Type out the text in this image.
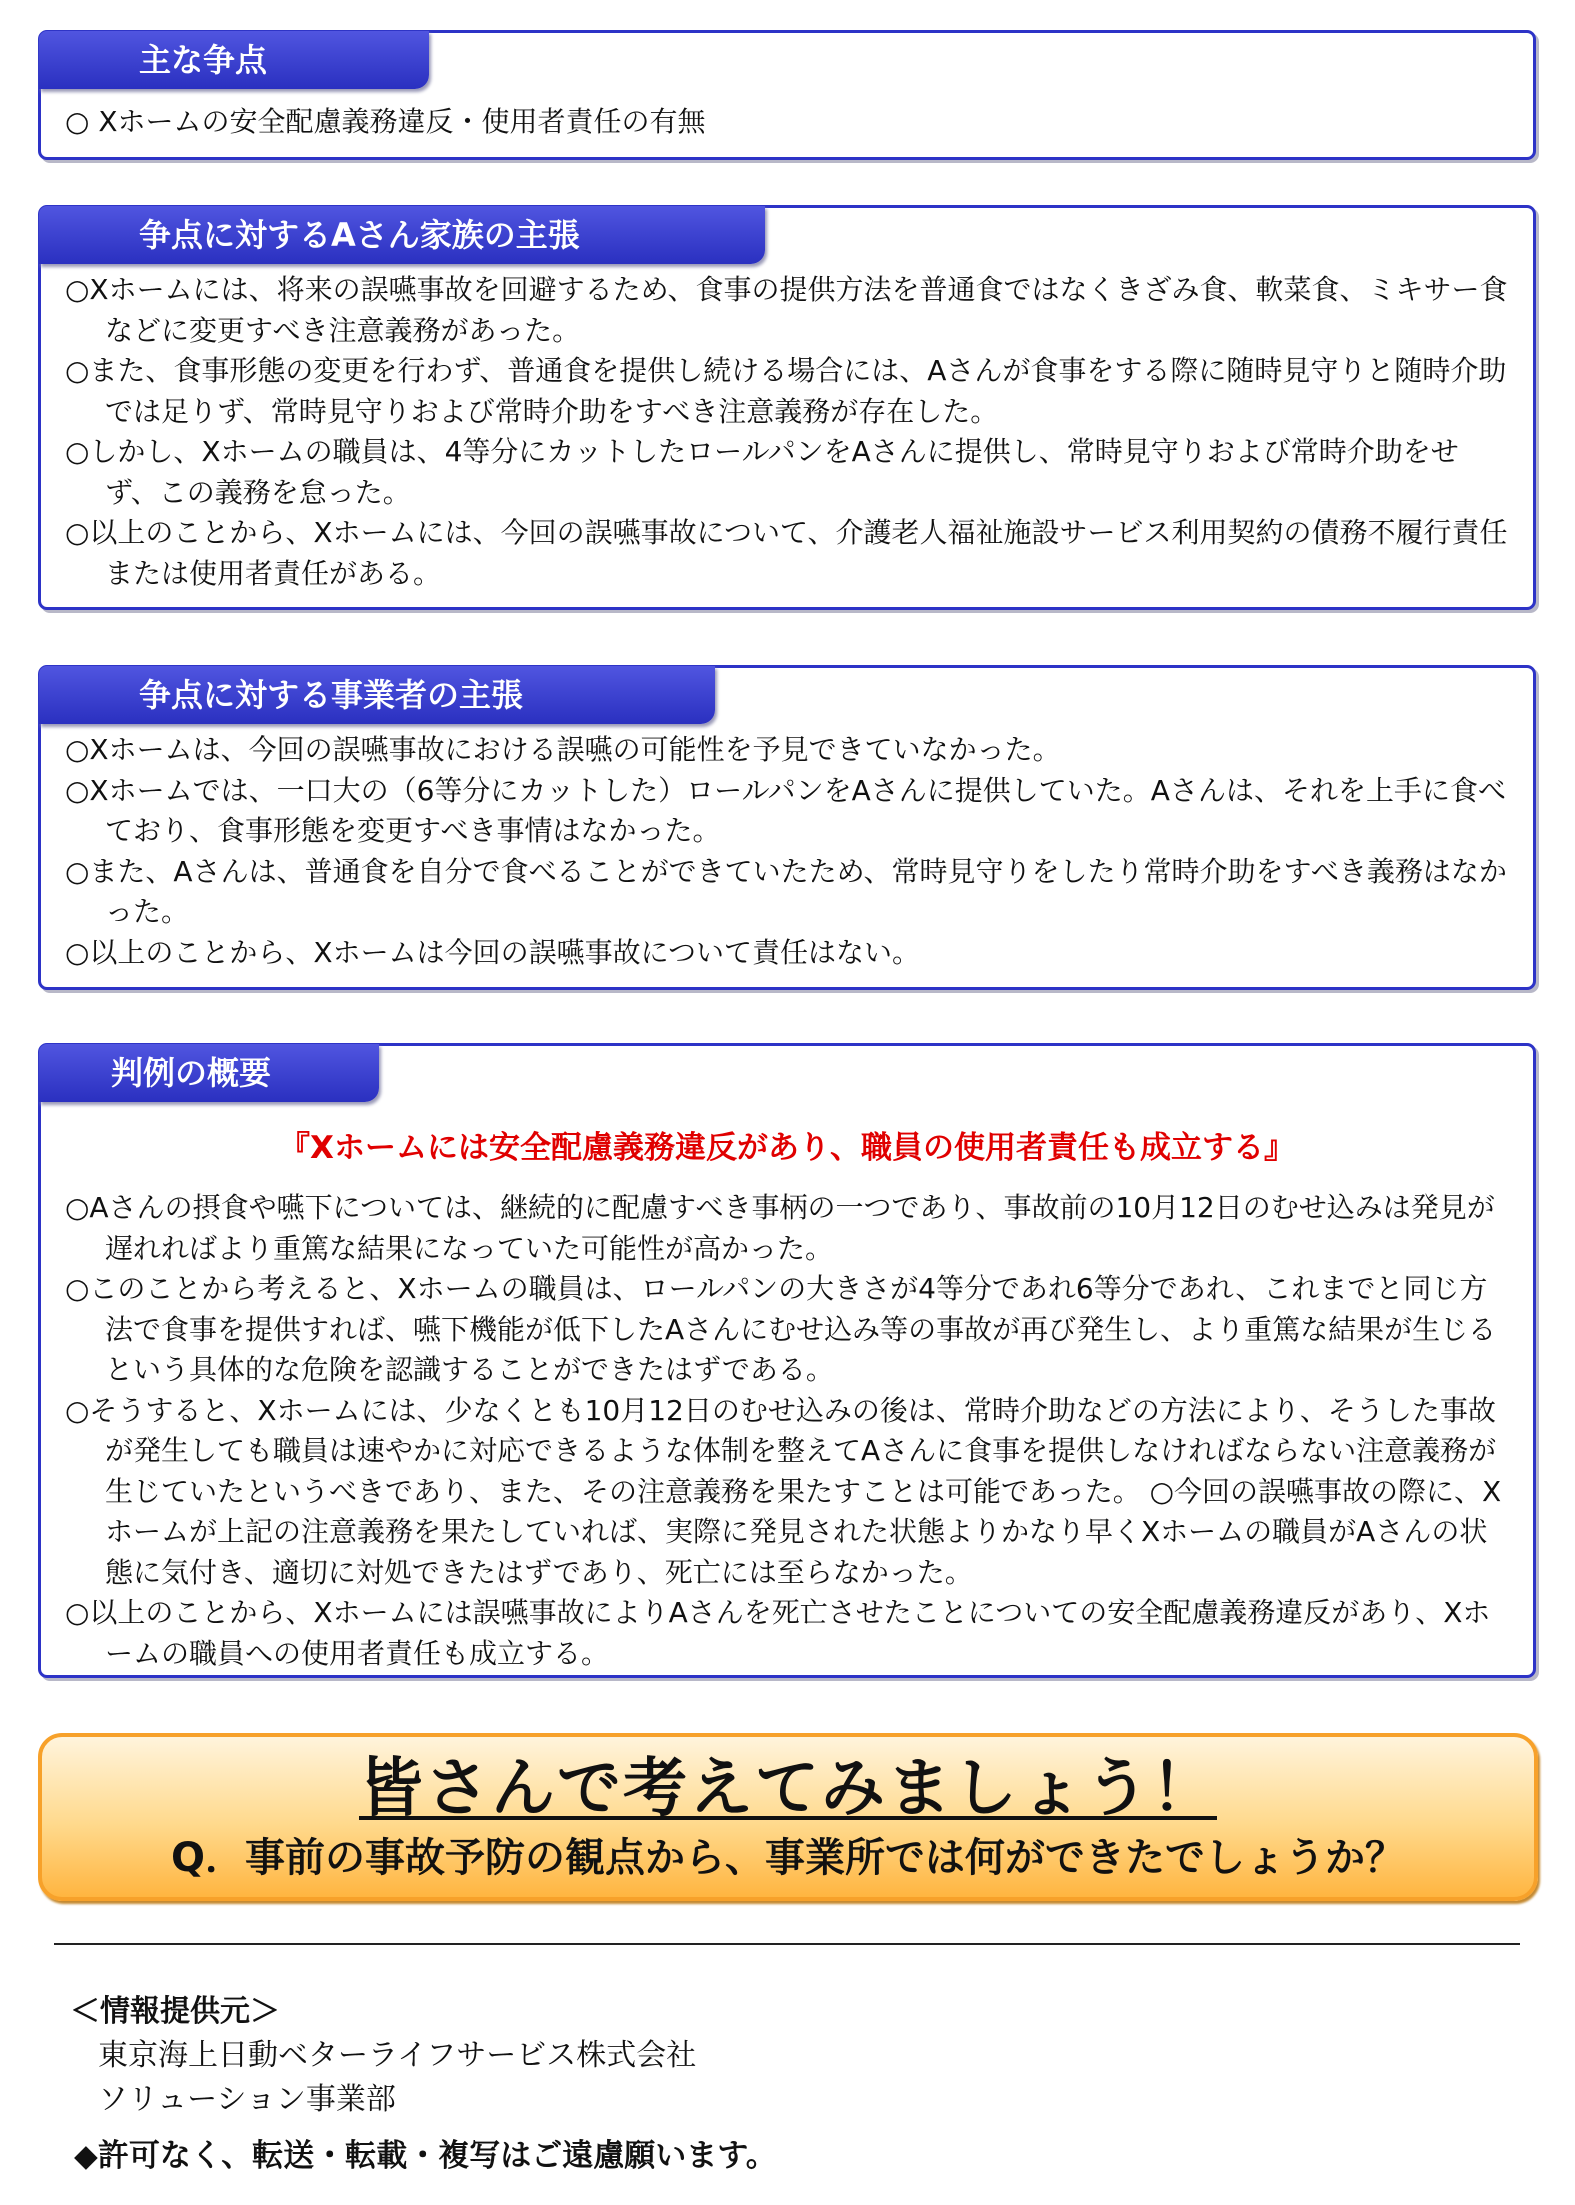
主な争点
○ Xホームの安全配慮義務違反・使用者責任の有無
争点に対するAさん家族の主張
○Xホームには、将来の誤嚥事故を回避するため、食事の提供方法を普通食ではなくきざみ食、軟菜食、ミキサー食などに変更すべき注意義務があった。
○また、食事形態の変更を行わず、普通食を提供し続ける場合には、Aさんが食事をする際に随時見守りと随時介助では足りず、常時見守りおよび常時介助をすべき注意義務が存在した。
○しかし、Xホームの職員は、4等分にカットしたロールパンをAさんに提供し、常時見守りおよび常時介助をせず、この義務を怠った。
○以上のことから、Xホームには、今回の誤嚥事故について、介護老人福祉施設サービス利用契約の債務不履行責任または使用者責任がある。
争点に対する事業者の主張
○Xホームは、今回の誤嚥事故における誤嚥の可能性を予見できていなかった。
○Xホームでは、一口大の（6等分にカットした）ロールパンをAさんに提供していた。Aさんは、それを上手に食べており、食事形態を変更すべき事情はなかった。
○また、Aさんは、普通食を自分で食べることができていたため、常時見守りをしたり常時介助をすべき義務はなかった。
○以上のことから、Xホームは今回の誤嚥事故について責任はない。
判例の概要
『Xホームには安全配慮義務違反があり、職員の使用者責任も成立する』
○Aさんの摂食や嚥下については、継続的に配慮すべき事柄の一つであり、事故前の10月12日のむせ込みは発見が遅れればより重篤な結果になっていた可能性が高かった。
○このことから考えると、Xホームの職員は、ロールパンの大きさが4等分であれ6等分であれ、これまでと同じ方法で食事を提供すれば、嚥下機能が低下したAさんにむせ込み等の事故が再び発生し、より重篤な結果が生じるという具体的な危険を認識することができたはずである。
○そうすると、Xホームには、少なくとも10月12日のむせ込みの後は、常時介助などの方法により、そうした事故が発生しても職員は速やかに対応できるような体制を整えてAさんに食事を提供しなければならない注意義務が生じていたというべきであり、また、その注意義務を果たすことは可能であった。 ○今回の誤嚥事故の際に、Xホームが上記の注意義務を果たしていれば、実際に発見された状態よりかなり早くXホームの職員がAさんの状態に気付き、適切に対処できたはずであり、死亡には至らなかった。
○以上のことから、Xホームには誤嚥事故によりAさんを死亡させたことについての安全配慮義務違反があり、Xホームの職員への使用者責任も成立する。
皆さんで考えてみましょう！
Q．事前の事故予防の観点から、事業所では何ができたでしょうか？
＜情報提供元＞
東京海上日動ベターライフサービス株式会社
ソリューション事業部
◆許可なく、転送・転載・複写はご遠慮願います。
